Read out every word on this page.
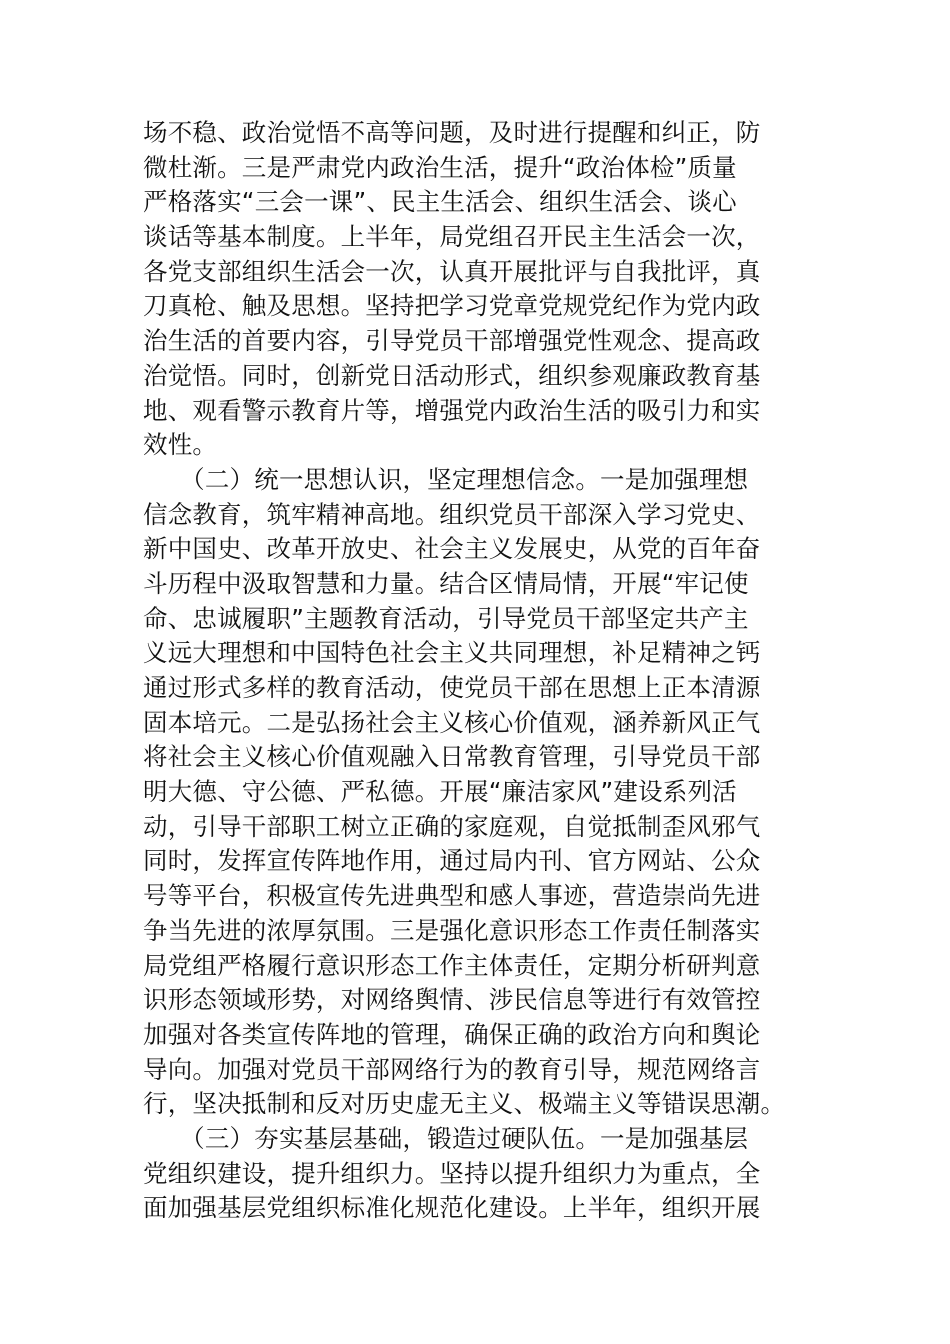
场不稳、政治觉悟不高等问题，及时进行提醒和纠正，防
微杜渐。三是严肃党内政治生活，提升“政治体检”质量
严格落实“三会一课”、民主生活会、组织生活会、谈心
谈话等基本制度。上半年，局党组召开民主生活会一次，
各党支部组织生活会一次，认真开展批评与自我批评，真
刀真枪、触及思想。坚持把学习党章党规党纪作为党内政
治生活的首要内容，引导党员干部增强党性观念、提高政
治觉悟。同时，创新党日活动形式，组织参观廉政教育基
地、观看警示教育片等，增强党内政治生活的吸引力和实
效性。
　　（二）统一思想认识，坚定理想信念。一是加强理想
信念教育，筑牢精神高地。组织党员干部深入学习党史、
新中国史、改革开放史、社会主义发展史，从党的百年奋
斗历程中汲取智慧和力量。结合区情局情，开展“牢记使
命、忠诚履职”主题教育活动，引导党员干部坚定共产主
义远大理想和中国特色社会主义共同理想，补足精神之钙
通过形式多样的教育活动，使党员干部在思想上正本清源
固本培元。二是弘扬社会主义核心价值观，涵养新风正气
将社会主义核心价值观融入日常教育管理，引导党员干部
明大德、守公德、严私德。开展“廉洁家风”建设系列活
动，引导干部职工树立正确的家庭观，自觉抵制歪风邪气
同时，发挥宣传阵地作用，通过局内刊、官方网站、公众
号等平台，积极宣传先进典型和感人事迹，营造崇尚先进
争当先进的浓厚氛围。三是强化意识形态工作责任制落实
局党组严格履行意识形态工作主体责任，定期分析研判意
识形态领域形势，对网络舆情、涉民信息等进行有效管控
加强对各类宣传阵地的管理，确保正确的政治方向和舆论
导向。加强对党员干部网络行为的教育引导，规范网络言
行，坚决抵制和反对历史虚无主义、极端主义等错误思潮。
　　（三）夯实基层基础，锻造过硬队伍。一是加强基层
党组织建设，提升组织力。坚持以提升组织力为重点，全
面加强基层党组织标准化规范化建设。上半年，组织开展
